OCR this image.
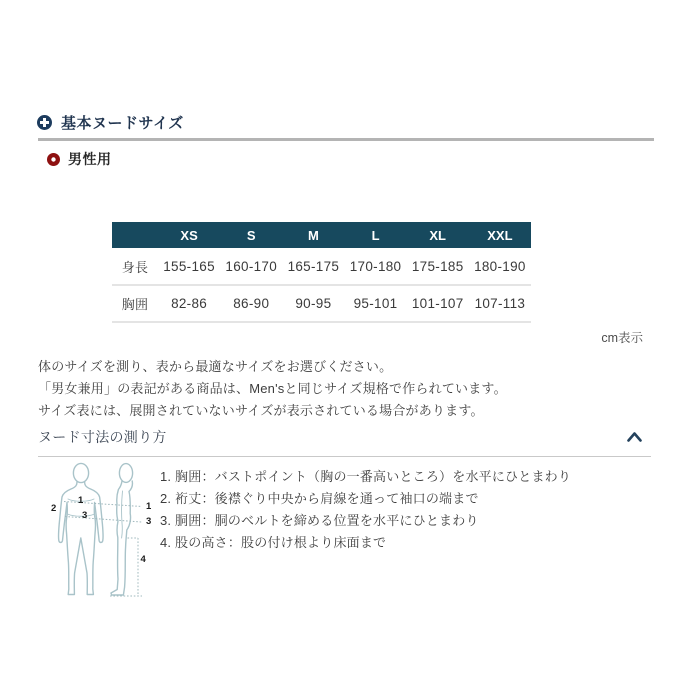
基本ヌードサイズ
男性用
	XS	S	M	L	XL	XXL
身長	155-165	160-170	165-175	170-180	175-185	180-190
胸囲	82-86	86-90	90-95	95-101	101-107	107-113
cm表示
体のサイズを測り、表から最適なサイズをお選びください。
「男女兼用」の表記がある商品は、Men'sと同じサイズ規格で作られています。
サイズ表には、展開されていないサイズが表示されている場合があります。
ヌード寸法の測り方
1
1
2
3
3
4
1. 胸囲：バストポイント（胸の一番高いところ）を水平にひとまわり
2. 裄丈：後襟ぐり中央から肩線を通って袖口の端まで
3. 胴囲：胴のベルトを締める位置を水平にひとまわり
4. 股の高さ：股の付け根より床面まで
